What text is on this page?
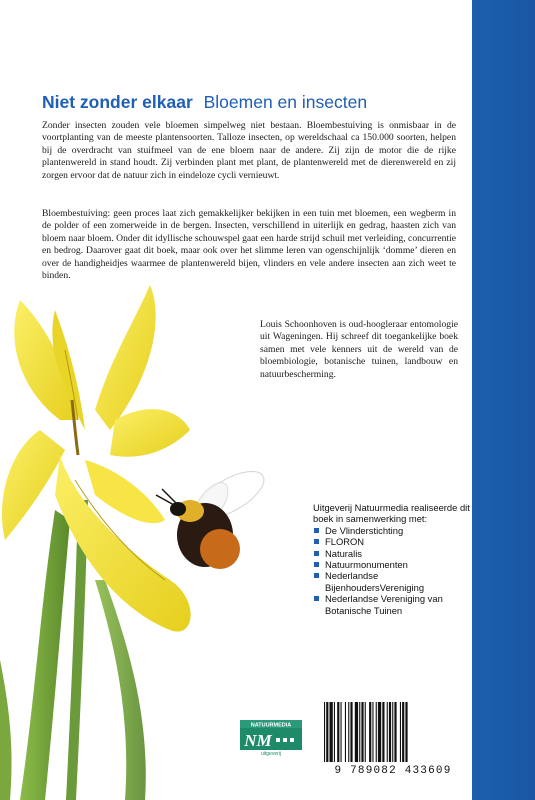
Niet zonder elkaar Bloemen en insecten

Zonder insecten zouden vele bloemen simpelweg niet bestaan. Bloembestuiving is onmisbaar in de voortplanting van de meeste plantensoorten. Talloze insecten, op wereldschaal ca 150.000 soorten, helpen bij de overdracht van stuifmeel van de ene bloem naar de andere. Zij zijn de motor die de rijke plantenwereld in stand houdt. Zij verbinden plant met plant, de plantenwereld met de dierenwereld en zij zorgen ervoor dat de natuur zich in eindeloze cycli vernieuwt.

Bloembestuiving: geen proces laat zich gemakkelijker bekijken in een tuin met bloemen, een wegberm in de polder of een zomerweide in de bergen. Insecten, verschillend in uiterlijk en gedrag, haasten zich van bloem naar bloem. Onder dit idyllische schouwspel gaat een harde strijd schuil met verleiding, concurrentie en bedrog. Daarover gaat dit boek, maar ook over het slimme leren van ogenschijnlijk ‘domme’ dieren en over de handigheidjes waarmee de plantenwereld bijen, vlinders en vele andere insecten aan zich weet te binden.

Louis Schoonhoven is oud-hoogleraar entomologie uit Wageningen. Hij schreef dit toegankelijke boek samen met vele kenners uit de wereld van de bloembiologie, botanische tuinen, landbouw en natuurbescherming.

Uitgeverij Natuurmedia realiseerde dit boek in samenwerking met:

De Vlinderstichting
FLORON
Naturalis
Natuurmonumenten
Nederlandse BijenhoudersVereniging
Nederlandse Vereniging van Botanische Tuinen
NATUURMEDIA
NM
uitgeverij
9 789082 433609
